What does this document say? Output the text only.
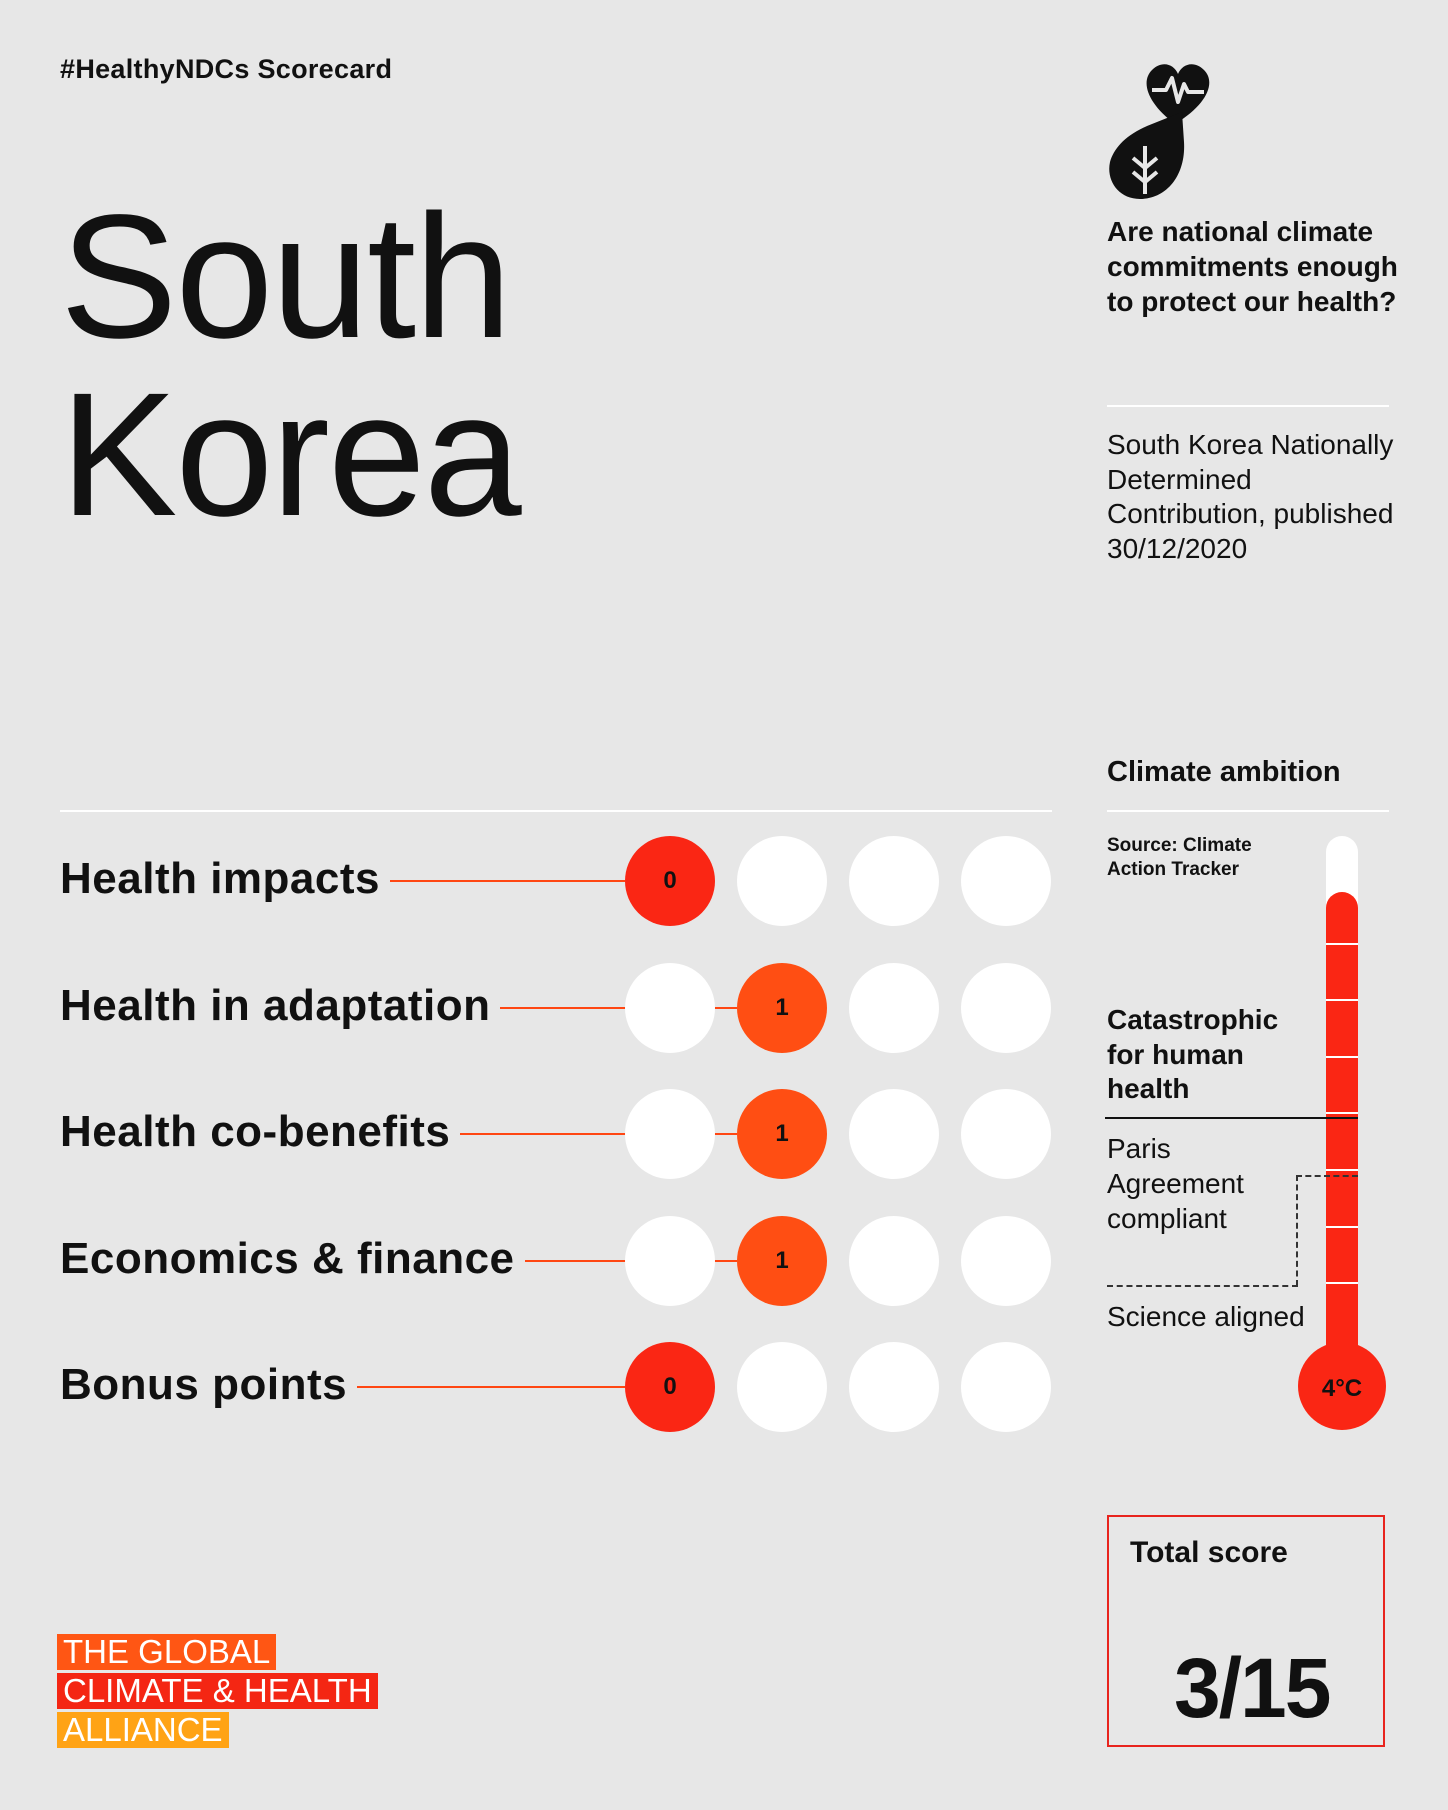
#HealthyNDCs Scorecard
South
Korea
Are national climate commitments enough to protect our health?
South Korea Nationally Determined Contribution, published 30/12/2020
Climate ambition
Health impacts	0
Health in adaptation	1
Health co-benefits	1
Economics & finance	1
Bonus points	0
Source: Climate Action Tracker
4°C
Catastrophic for human health
Paris Agreement compliant
Science aligned
Total score
3/15
THE GLOBAL
CLIMATE & HEALTH
ALLIANCE
